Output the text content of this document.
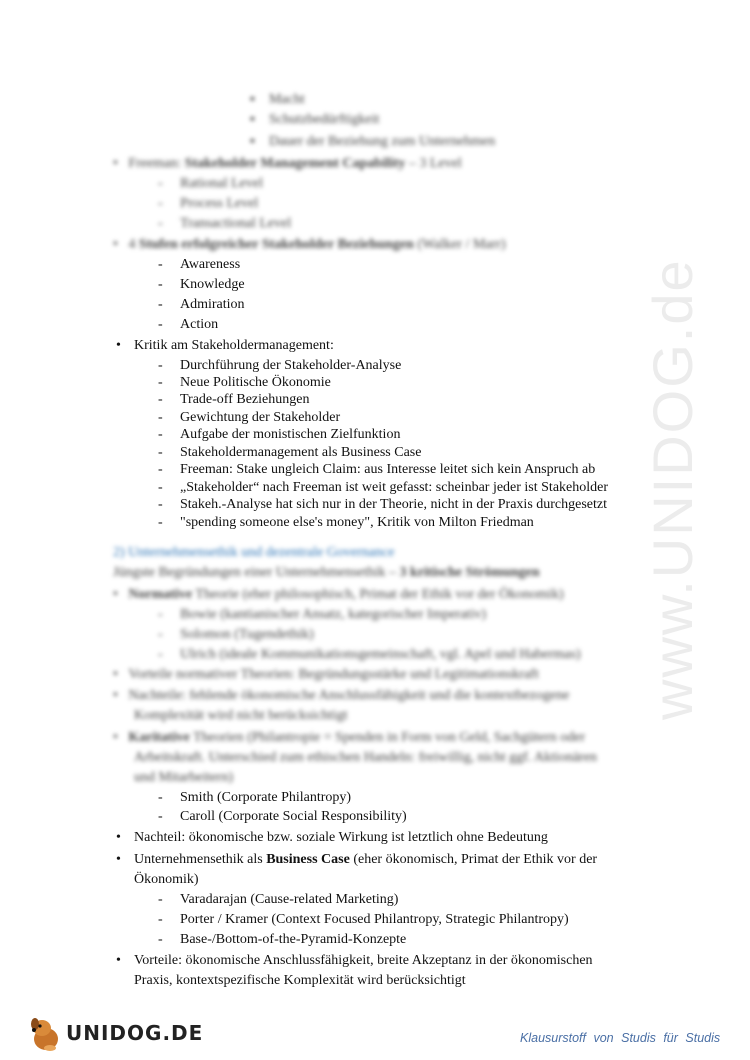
www.UNIDOG.de
▪ Macht
▪ Schutzbedürftigkeit
▪ Dauer der Beziehung zum Unternehmen
• Freeman: Stakeholder Management Capability – 3 Level
- Rational Level
- Process Level
- Transactional Level
• 4 Stufen erfolgreicher Stakeholder Beziehungen (Walker / Marr)
- Awareness
- Knowledge
- Admiration
- Action
• Kritik am Stakeholdermanagement:
- Durchführung der Stakeholder-Analyse
- Neue Politische Ökonomie
- Trade-off Beziehungen
- Gewichtung der Stakeholder
- Aufgabe der monistischen Zielfunktion
- Stakeholdermanagement als Business Case
- Freeman: Stake ungleich Claim: aus Interesse leitet sich kein Anspruch ab
- „Stakeholder“ nach Freeman ist weit gefasst: scheinbar jeder ist Stakeholder
- Stakeh.-Analyse hat sich nur in der Theorie, nicht in der Praxis durchgesetzt
- "spending someone else's money", Kritik von Milton Friedman
2) Unternehmensethik und dezentrale Governance
Jüngste Begründungen einer Unternehmensethik – 3 kritische Strömungen
• Normative Theorie (eher philosophisch, Primat der Ethik vor der Ökonomik)
- Bowie (kantianischer Ansatz, kategorischer Imperativ)
- Solomon (Tugendethik)
- Ulrich (ideale Kommunikationsgemeinschaft, vgl. Apel und Habermas)
• Vorteile normativer Theorien: Begründungsstärke und Legitimationskraft
• Nachteile: fehlende ökonomische Anschlussfähigkeit und die kontextbezogene
Komplexität wird nicht berücksichtigt
• Karitative Theorien (Philantropie = Spenden in Form von Geld, Sachgütern oder
Arbeitskraft. Unterschied zum ethischen Handeln: freiwillig, nicht ggf. Aktionären
und Mitarbeitern)
- Smith (Corporate Philantropy)
- Caroll (Corporate Social Responsibility)
• Nachteil: ökonomische bzw. soziale Wirkung ist letztlich ohne Bedeutung
• Unternehmensethik als Business Case (eher ökonomisch, Primat der Ethik vor der
Ökonomik)
- Varadarajan (Cause-related Marketing)
- Porter / Kramer (Context Focused Philantropy, Strategic Philantropy)
- Base-/Bottom-of-the-Pyramid-Konzepte
• Vorteile: ökonomische Anschlussfähigkeit, breite Akzeptanz in der ökonomischen
Praxis, kontextspezifische Komplexität wird berücksichtigt
UNIDOG.DE	Klausurstoff von Studis für Studis
